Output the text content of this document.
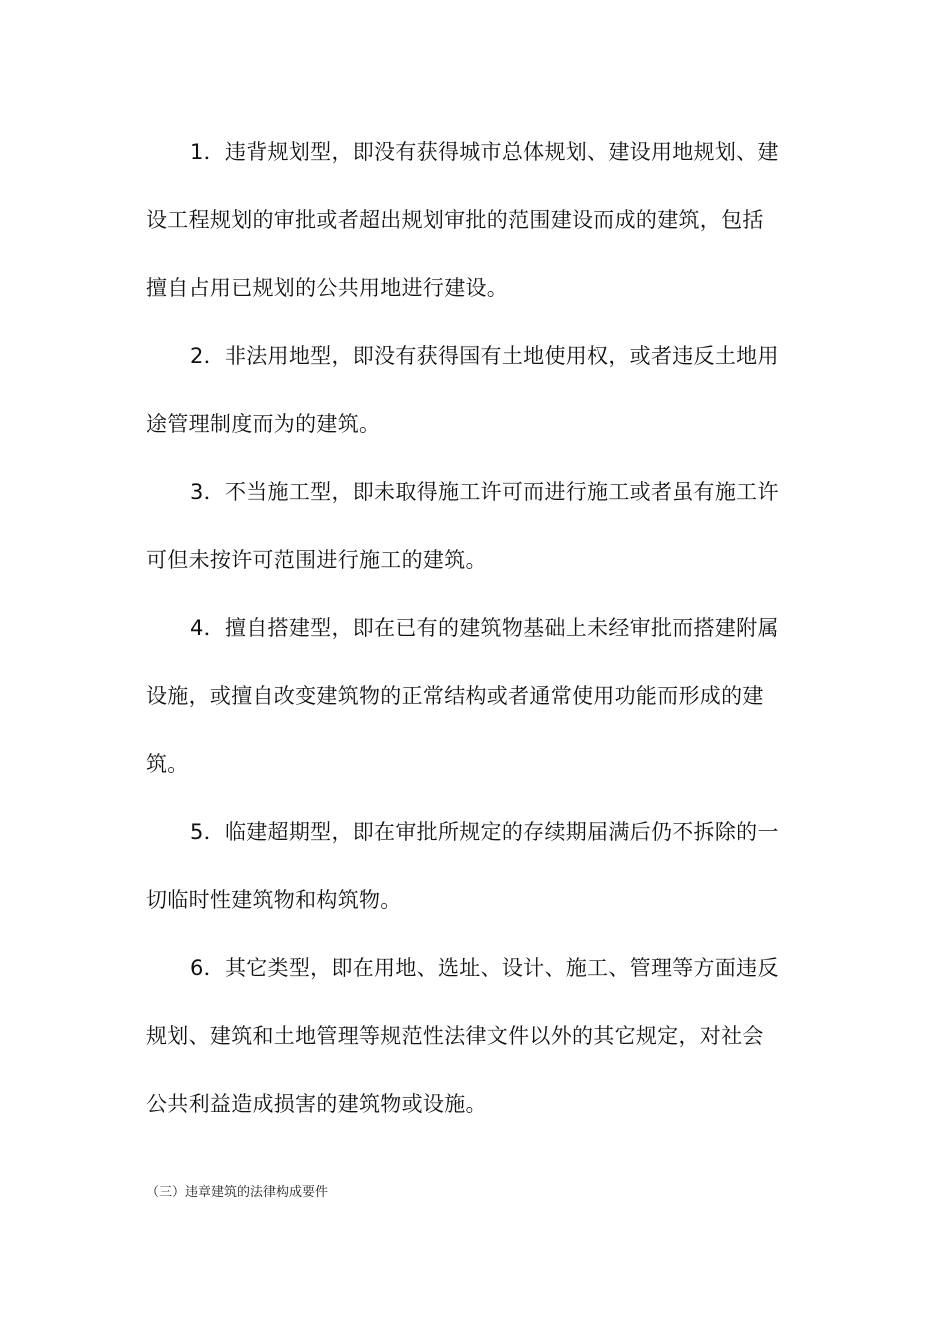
1．违背规划型，即没有获得城市总体规划、建设用地规划、建
设工程规划的审批或者超出规划审批的范围建设而成的建筑，包括
擅自占用已规划的公共用地进行建设。
2．非法用地型，即没有获得国有土地使用权，或者违反土地用
途管理制度而为的建筑。
3．不当施工型，即未取得施工许可而进行施工或者虽有施工许
可但未按许可范围进行施工的建筑。
4．擅自搭建型，即在已有的建筑物基础上未经审批而搭建附属
设施，或擅自改变建筑物的正常结构或者通常使用功能而形成的建
筑。
5．临建超期型，即在审批所规定的存续期届满后仍不拆除的一
切临时性建筑物和构筑物。
6．其它类型，即在用地、选址、设计、施工、管理等方面违反
规划、建筑和土地管理等规范性法律文件以外的其它规定，对社会
公共利益造成损害的建筑物或设施。
（三）违章建筑的法律构成要件
